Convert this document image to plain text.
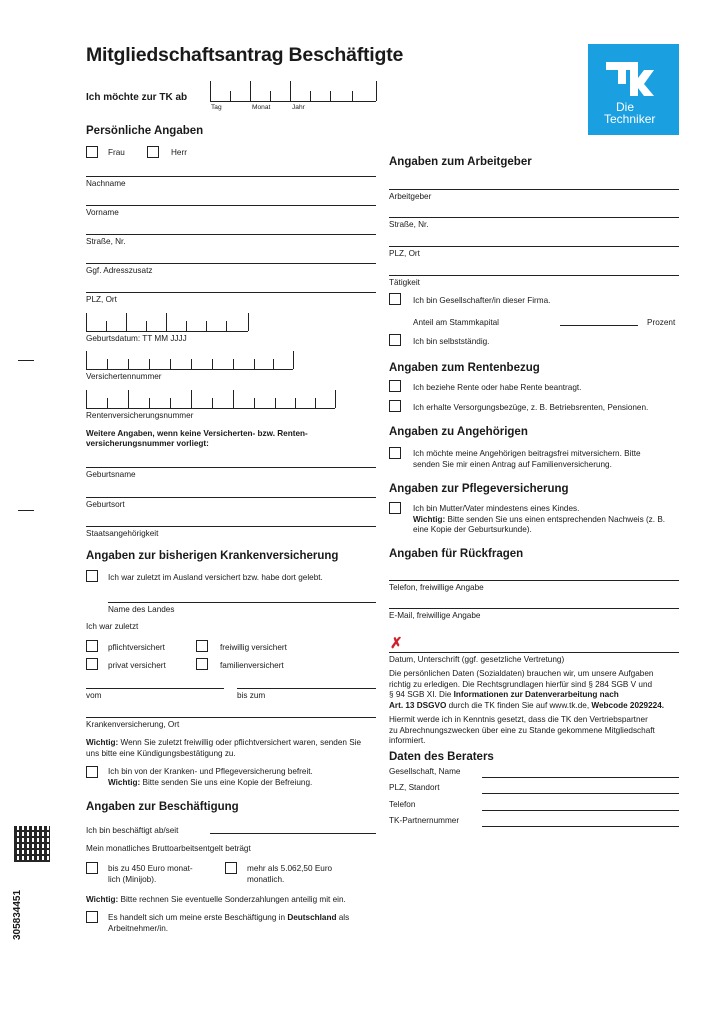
Mitgliedschaftsantrag Beschäftigte
Die
Techniker
Ich möchte zur TK ab
Tag	Monat	Jahr
Persönliche Angaben
Frau	Herr
Nachname
Vorname
Straße, Nr.
Ggf. Adresszusatz
PLZ, Ort
Geburtsdatum: TT MM JJJJ
Versichertennummer
Rentenversicherungsnummer
Weitere Angaben, wenn keine Versicherten- bzw. Renten-
versicherungsnummer vorliegt:
Geburtsname
Geburtsort
Staatsangehörigkeit
Angaben zur bisherigen Krankenversicherung
Ich war zuletzt im Ausland versichert bzw. habe dort gelebt.
Name des Landes
Ich war zuletzt
pflichtversichert	freiwillig versichert
privat versichert	familienversichert
vom	bis zum
Krankenversicherung, Ort
Wichtig: Wenn Sie zuletzt freiwillig oder pflichtversichert waren, senden Sie
uns bitte eine Kündigungsbestätigung zu.
Ich bin von der Kranken- und Pflegeversicherung befreit.
Wichtig: Bitte senden Sie uns eine Kopie der Befreiung.
Angaben zur Beschäftigung
Ich bin beschäftigt ab/seit
Mein monatliches Bruttoarbeitsentgelt beträgt
bis zu 450 Euro monat-
lich (Minijob).
mehr als 5.062,50 Euro
monatlich.
Wichtig: Bitte rechnen Sie eventuelle Sonderzahlungen anteilig mit ein.
Es handelt sich um meine erste Beschäftigung in Deutschland als
Arbeitnehmer/in.
Angaben zum Arbeitgeber
Arbeitgeber
Straße, Nr.
PLZ, Ort
Tätigkeit
Ich bin Gesellschafter/in dieser Firma.
Anteil am Stammkapital	Prozent
Ich bin selbstständig.
Angaben zum Rentenbezug
Ich beziehe Rente oder habe Rente beantragt.
Ich erhalte Versorgungsbezüge, z. B. Betriebsrenten, Pensionen.
Angaben zu Angehörigen
Ich möchte meine Angehörigen beitragsfrei mitversichern. Bitte
senden Sie mir einen Antrag auf Familienversicherung.
Angaben zur Pflegeversicherung
Ich bin Mutter/Vater mindestens eines Kindes.
Wichtig: Bitte senden Sie uns einen entsprechenden Nachweis (z. B.
eine Kopie der Geburtsurkunde).
Angaben für Rückfragen
Telefon, freiwillige Angabe
E-Mail, freiwillige Angabe
✗
Datum, Unterschrift (ggf. gesetzliche Vertretung)
Die persönlichen Daten (Sozialdaten) brauchen wir, um unsere Aufgaben
richtig zu erledigen. Die Rechtsgrundlagen hierfür sind § 284 SGB V und
§ 94 SGB XI. Die Informationen zur Datenverarbeitung nach
Art. 13 DSGVO durch die TK finden Sie auf www.tk.de, Webcode 2029224.
Hiermit werde ich in Kenntnis gesetzt, dass die TK den Vertriebspartner
zu Abrechnungszwecken über eine zu Stande gekommene Mitgliedschaft
informiert.
Daten des Beraters
Gesellschaft, Name
PLZ, Standort
Telefon
TK-Partnernummer
305834451
